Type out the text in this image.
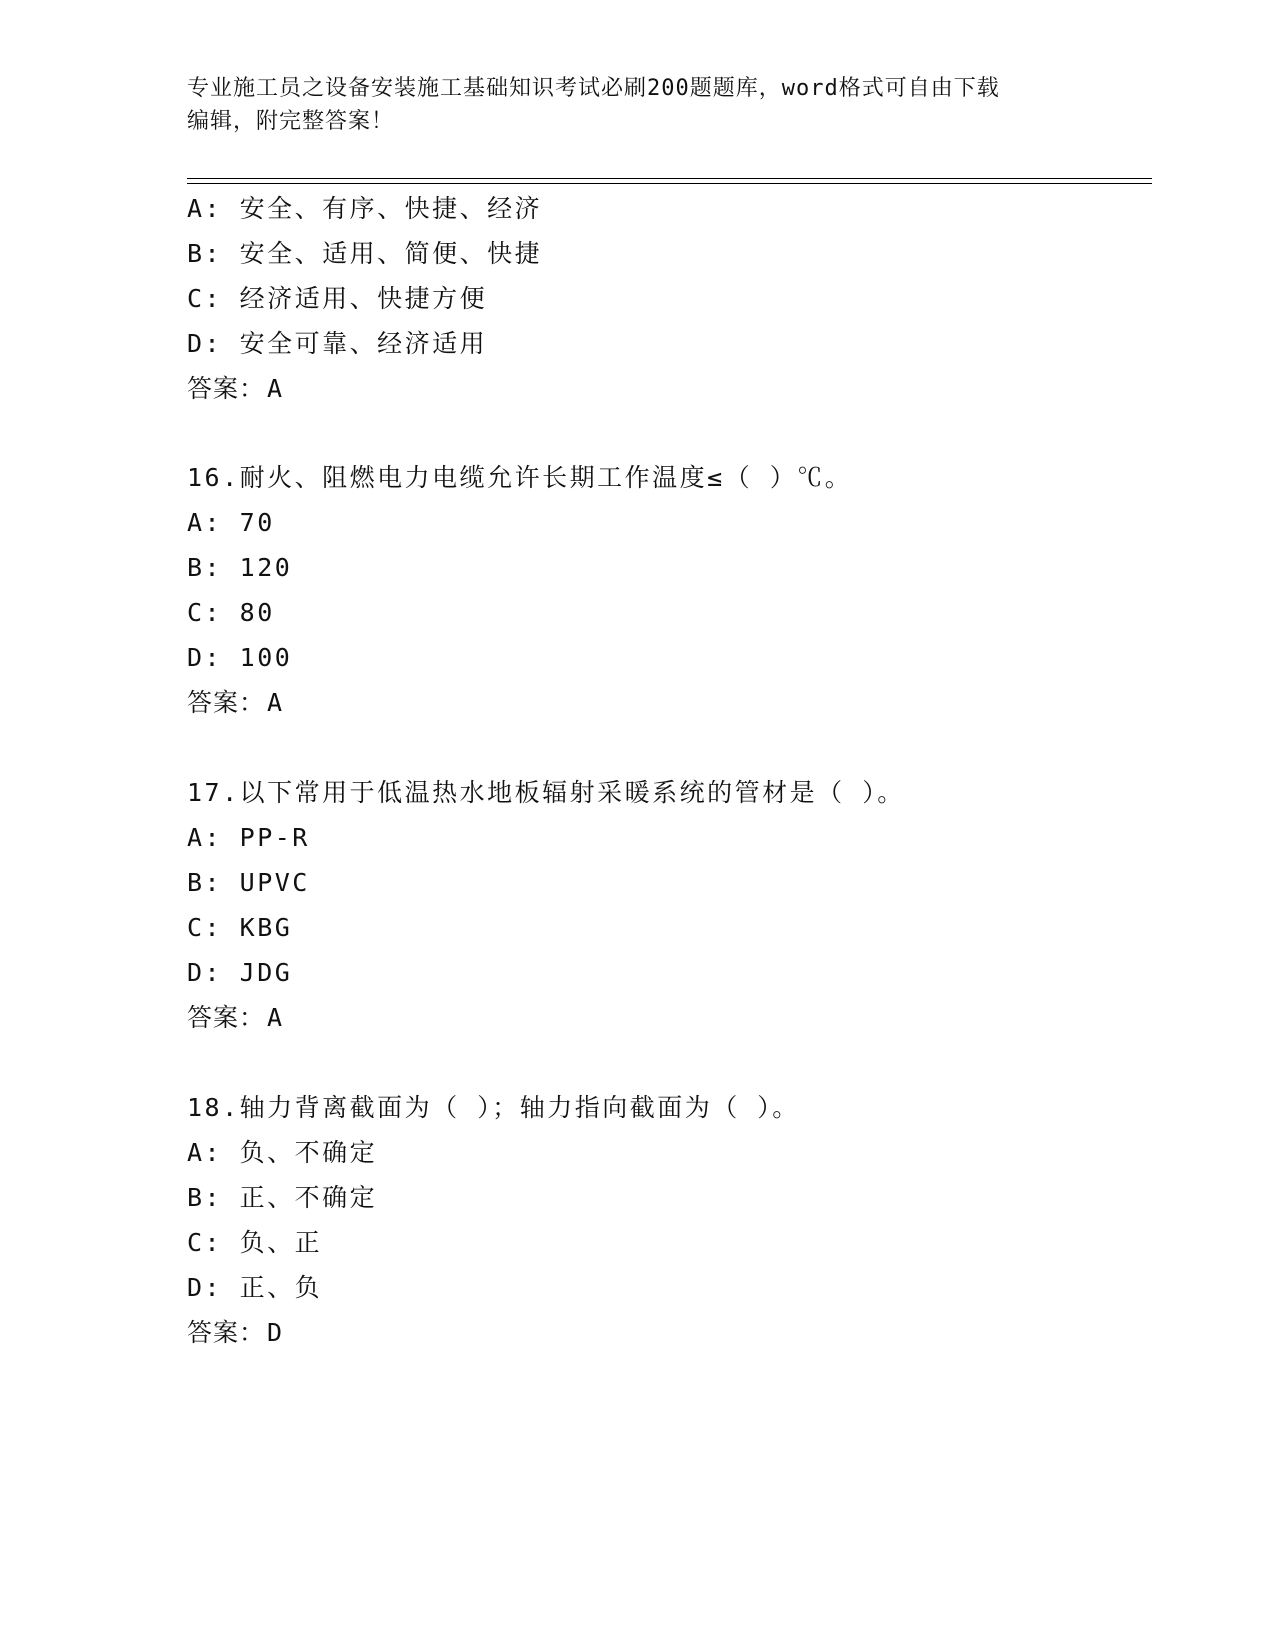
专业施工员之设备安装施工基础知识考试必刷200题题库，word格式可自由下载
编辑，附完整答案！
A: 安全、有序、快捷、经济
B: 安全、适用、简便、快捷
C: 经济适用、快捷方便
D: 安全可靠、经济适用
答案：A
16.耐火、阻燃电力电缆允许长期工作温度≤（ ）℃。
A: 70
B: 120
C: 80
D: 100
答案：A
17.以下常用于低温热水地板辐射采暖系统的管材是（ ）。
A: PP-R
B: UPVC
C: KBG
D: JDG
答案：A
18.轴力背离截面为（ ）；轴力指向截面为（ ）。
A: 负、不确定
B: 正、不确定
C: 负、正
D: 正、负
答案：D
